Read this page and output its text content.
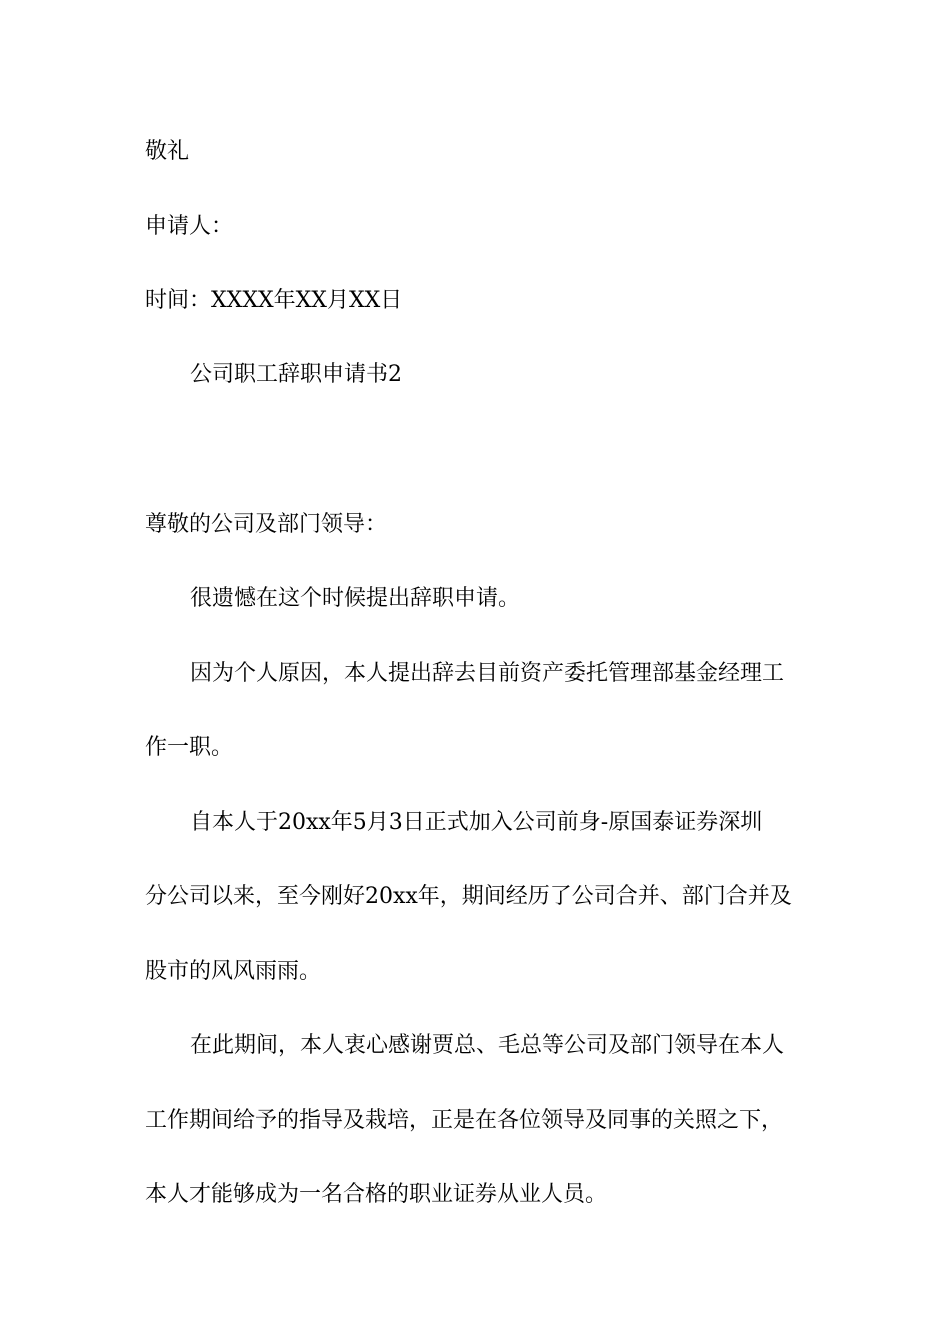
敬礼
申请人：
时间：XXXX年XX月XX日
公司职工辞职申请书2
尊敬的公司及部门领导：
很遗憾在这个时候提出辞职申请。
因为个人原因，本人提出辞去目前资产委托管理部基金经理工
作一职。
自本人于20xx年5月3日正式加入公司前身-原国泰证券深圳
分公司以来，至今刚好20xx年，期间经历了公司合并、部门合并及
股市的风风雨雨。
在此期间，本人衷心感谢贾总、毛总等公司及部门领导在本人
工作期间给予的指导及栽培，正是在各位领导及同事的关照之下，
本人才能够成为一名合格的职业证券从业人员。
